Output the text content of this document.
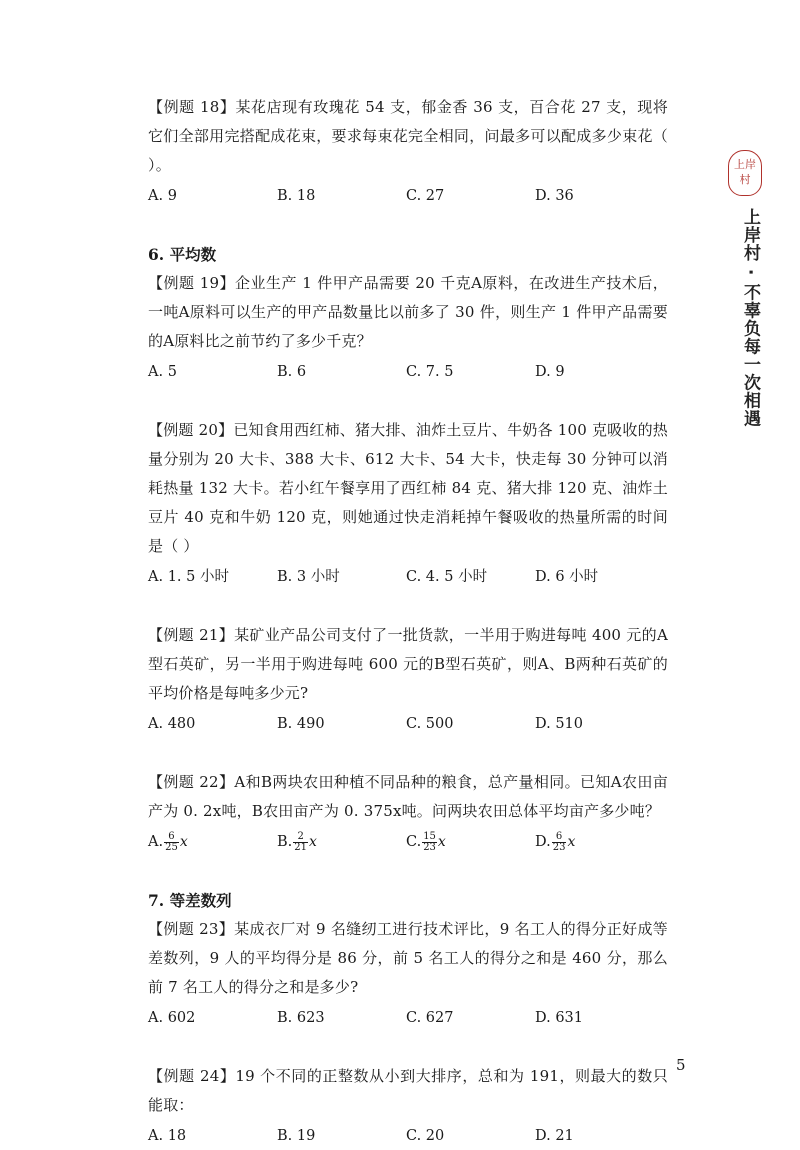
上岸村
上岸村 · 不辜负每一次相遇

【例题 18】某花店现有玫瑰花 54 支，郁金香 36 支，百合花 27 支，现将它们全部用完搭配成花束，要求每束花完全相同，问最多可以配成多少束花（ ）。

A. 9	B. 18	C. 27	D. 36

6. 平均数

【例题 19】企业生产 1 件甲产品需要 20 千克A原料，在改进生产技术后，一吨A原料可以生产的甲产品数量比以前多了 30 件，则生产 1 件甲产品需要的A原料比之前节约了多少千克？

A. 5	B. 6	C. 7. 5	D. 9

【例题 20】已知食用西红柿、猪大排、油炸土豆片、牛奶各 100 克吸收的热量分别为 20 大卡、388 大卡、612 大卡、54 大卡，快走每 30 分钟可以消耗热量 132 大卡。若小红午餐享用了西红柿 84 克、猪大排 120 克、油炸土豆片 40 克和牛奶 120 克，则她通过快走消耗掉午餐吸收的热量所需的时间是（ ）

A. 1. 5 小时	B. 3 小时	C. 4. 5 小时	D. 6 小时

【例题 21】某矿业产品公司支付了一批货款，一半用于购进每吨 400 元的A型石英矿，另一半用于购进每吨 600 元的B型石英矿，则A、B两种石英矿的平均价格是每吨多少元?

A. 480	B. 490	C. 500	D. 510

【例题 22】A和B两块农田种植不同品种的粮食，总产量相同。已知A农田亩产为 0. 2x吨，B农田亩产为 0. 375x吨。问两块农田总体平均亩产多少吨？

A. $\frac{6}{25}$ x	B. $\frac{2}{21}$ x	C. $\frac{15}{23}$ x	D. $\frac{6}{23}$ x

7. 等差数列

【例题 23】某成衣厂对 9 名缝纫工进行技术评比，9 名工人的得分正好成等差数列，9 人的平均得分是 86 分，前 5 名工人的得分之和是 460 分，那么前 7 名工人的得分之和是多少?

A. 602	B. 623	C. 627	D. 631

【例题 24】19 个不同的正整数从小到大排序，总和为 191，则最大的数只能取：

A. 18	B. 19	C. 20	D. 21
5
